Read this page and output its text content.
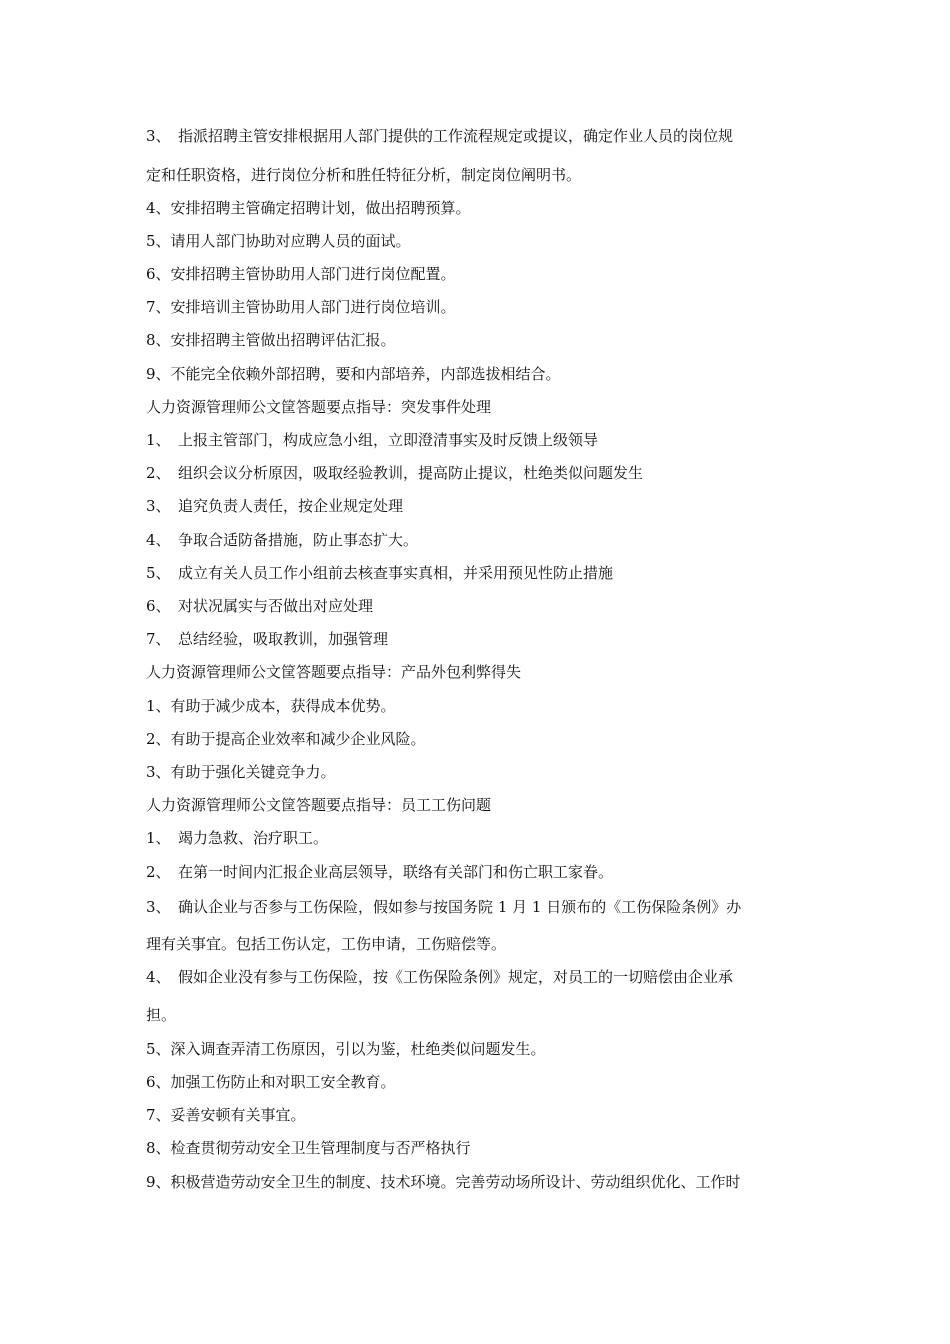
3、　指派招聘主管安排根据用人部门提供的工作流程规定或提议，确定作业人员的岗位规
定和任职资格，进行岗位分析和胜任特征分析，制定岗位阐明书。
4、安排招聘主管确定招聘计划，做出招聘预算。
5、请用人部门协助对应聘人员的面试。
6、安排招聘主管协助用人部门进行岗位配置。
7、安排培训主管协助用人部门进行岗位培训。
8、安排招聘主管做出招聘评估汇报。
9、不能完全依赖外部招聘，要和内部培养，内部选拔相结合。
人力资源管理师公文筐答题要点指导：突发事件处理
1、　上报主管部门，构成应急小组，立即澄清事实及时反馈上级领导
2、　组织会议分析原因，吸取经验教训，提高防止提议，杜绝类似问题发生
3、　追究负责人责任，按企业规定处理
4、　争取合适防备措施，防止事态扩大。
5、　成立有关人员工作小组前去核查事实真相，并采用预见性防止措施
6、　对状况属实与否做出对应处理
7、　总结经验，吸取教训，加强管理
人力资源管理师公文筐答题要点指导：产品外包利弊得失
1、有助于减少成本，获得成本优势。
2、有助于提高企业效率和减少企业风险。
3、有助于强化关键竞争力。
人力资源管理师公文筐答题要点指导：员工工伤问题
1、　竭力急救、治疗职工。
2、　在第一时间内汇报企业高层领导，联络有关部门和伤亡职工家眷。
3、　确认企业与否参与工伤保险，假如参与按国务院 1 月 1 日颁布的《工伤保险条例》办
理有关事宜。包括工伤认定，工伤申请，工伤赔偿等。
4、　假如企业没有参与工伤保险，按《工伤保险条例》规定，对员工的一切赔偿由企业承
担。
5、深入调查弄清工伤原因，引以为鉴，杜绝类似问题发生。
6、加强工伤防止和对职工安全教育。
7、妥善安顿有关事宜。
8、检查贯彻劳动安全卫生管理制度与否严格执行
9、积极营造劳动安全卫生的制度、技术环境。完善劳动场所设计、劳动组织优化、工作时
